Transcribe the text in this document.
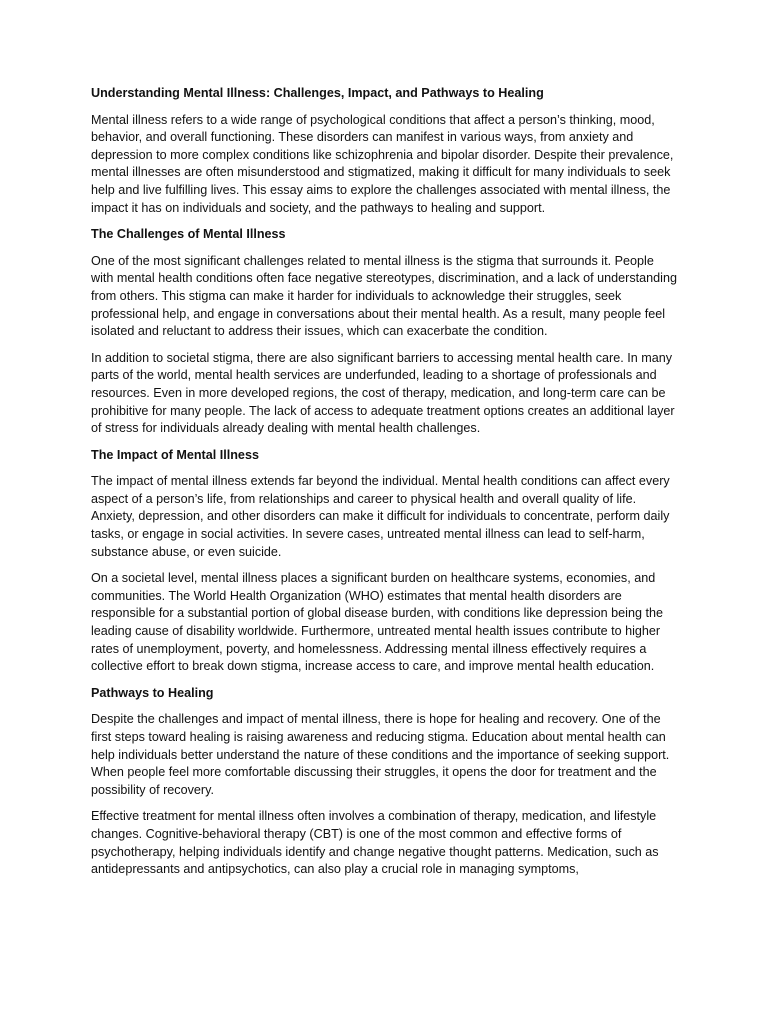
Understanding Mental Illness: Challenges, Impact, and Pathways to Healing

Mental illness refers to a wide range of psychological conditions that affect a person’s thinking, mood, behavior, and overall functioning. These disorders can manifest in various ways, from anxiety and depression to more complex conditions like schizophrenia and bipolar disorder. Despite their prevalence, mental illnesses are often misunderstood and stigmatized, making it difficult for many individuals to seek help and live fulfilling lives. This essay aims to explore the challenges associated with mental illness, the impact it has on individuals and society, and the pathways to healing and support.

The Challenges of Mental Illness

One of the most significant challenges related to mental illness is the stigma that surrounds it. People with mental health conditions often face negative stereotypes, discrimination, and a lack of understanding from others. This stigma can make it harder for individuals to acknowledge their struggles, seek professional help, and engage in conversations about their mental health. As a result, many people feel isolated and reluctant to address their issues, which can exacerbate the condition.

In addition to societal stigma, there are also significant barriers to accessing mental health care. In many parts of the world, mental health services are underfunded, leading to a shortage of professionals and resources. Even in more developed regions, the cost of therapy, medication, and long-term care can be prohibitive for many people. The lack of access to adequate treatment options creates an additional layer of stress for individuals already dealing with mental health challenges.

The Impact of Mental Illness

The impact of mental illness extends far beyond the individual. Mental health conditions can affect every aspect of a person’s life, from relationships and career to physical health and overall quality of life. Anxiety, depression, and other disorders can make it difficult for individuals to concentrate, perform daily tasks, or engage in social activities. In severe cases, untreated mental illness can lead to self-harm, substance abuse, or even suicide.

On a societal level, mental illness places a significant burden on healthcare systems, economies, and communities. The World Health Organization (WHO) estimates that mental health disorders are responsible for a substantial portion of global disease burden, with conditions like depression being the leading cause of disability worldwide. Furthermore, untreated mental health issues contribute to higher rates of unemployment, poverty, and homelessness. Addressing mental illness effectively requires a collective effort to break down stigma, increase access to care, and improve mental health education.

Pathways to Healing

Despite the challenges and impact of mental illness, there is hope for healing and recovery. One of the first steps toward healing is raising awareness and reducing stigma. Education about mental health can help individuals better understand the nature of these conditions and the importance of seeking support. When people feel more comfortable discussing their struggles, it opens the door for treatment and the possibility of recovery.

Effective treatment for mental illness often involves a combination of therapy, medication, and lifestyle changes. Cognitive-behavioral therapy (CBT) is one of the most common and effective forms of psychotherapy, helping individuals identify and change negative thought patterns. Medication, such as antidepressants and antipsychotics, can also play a crucial role in managing symptoms,
